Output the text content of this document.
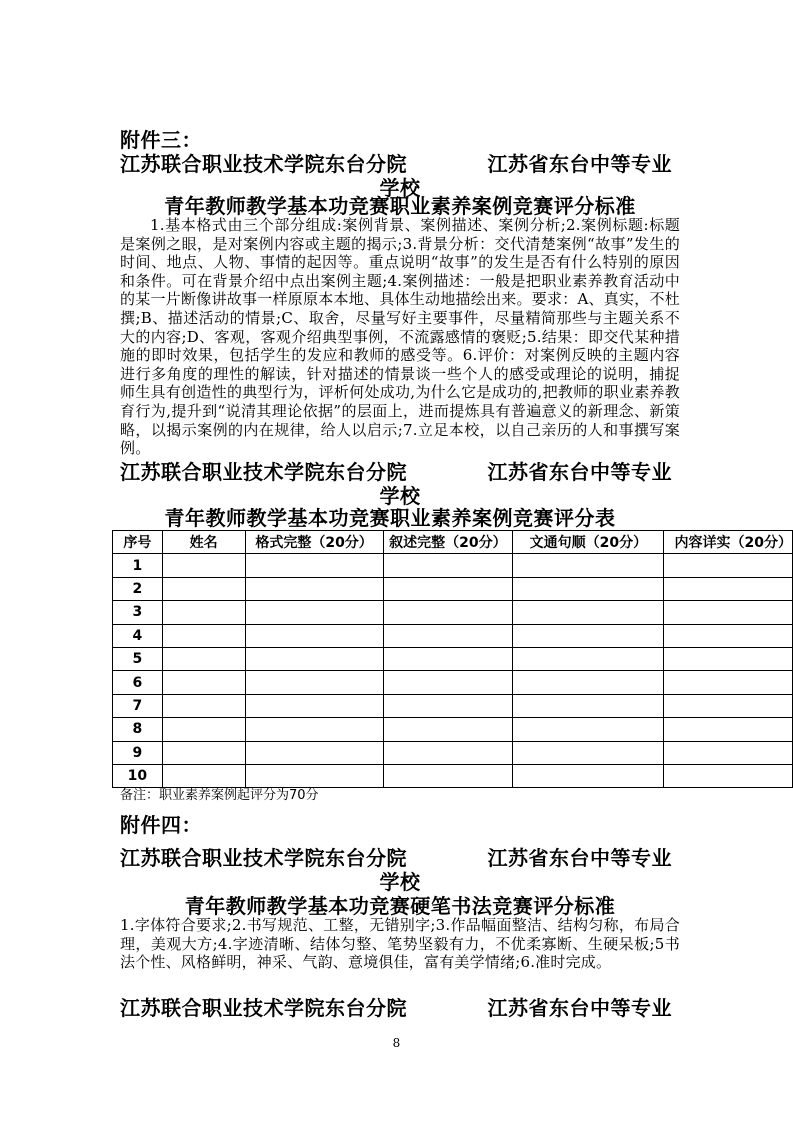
附件三：
江苏联合职业技术学院东台分院	江苏省东台中等专业
学校
青年教师教学基本功竞赛职业素养案例竞赛评分标准
1.基本格式由三个部分组成:案例背景、案例描述、案例分析;2.案例标题:标题是案例之眼，是对案例内容或主题的揭示;3.背景分析：交代清楚案例“故事”发生的时间、地点、人物、事情的起因等。重点说明“故事”的发生是否有什么特别的原因和条件。可在背景介绍中点出案例主题;4.案例描述：一般是把职业素养教育活动中的某一片断像讲故事一样原原本本地、具体生动地描绘出来。要求：A、真实，不杜撰;B、描述活动的情景;C、取舍，尽量写好主要事件，尽量精简那些与主题关系不大的内容;D、客观，客观介绍典型事例，不流露感情的褒贬;5.结果：即交代某种措施的即时效果，包括学生的发应和教师的感受等。6.评价：对案例反映的主题内容进行多角度的理性的解读，针对描述的情景谈一些个人的感受或理论的说明，捕捉师生具有创造性的典型行为，评析何处成功,为什么它是成功的,把教师的职业素养教育行为,提升到“说清其理论依据”的层面上，进而提炼具有普遍意义的新理念、新策略，以揭示案例的内在规律，给人以启示;7.立足本校，以自己亲历的人和事撰写案例。
江苏联合职业技术学院东台分院	江苏省东台中等专业
学校
青年教师教学基本功竞赛职业素养案例竞赛评分表
序号	姓名	格式完整（20分）	叙述完整（20分）	文通句顺（20分）	内容详实（20分）
1					
2					
3					
4					
5					
6					
7					
8					
9					
10					
备注：职业素养案例起评分为70分
附件四：
江苏联合职业技术学院东台分院	江苏省东台中等专业
学校
青年教师教学基本功竞赛硬笔书法竞赛评分标准
1.字体符合要求;2.书写规范、工整，无错别字;3.作品幅面整洁、结构匀称，布局合理，美观大方;4.字迹清晰、结体匀整、笔势坚毅有力，不优柔寡断、生硬呆板;5书法个性、风格鲜明，神采、气韵、意境俱佳，富有美学情绪;6.准时完成。
江苏联合职业技术学院东台分院	江苏省东台中等专业
8
